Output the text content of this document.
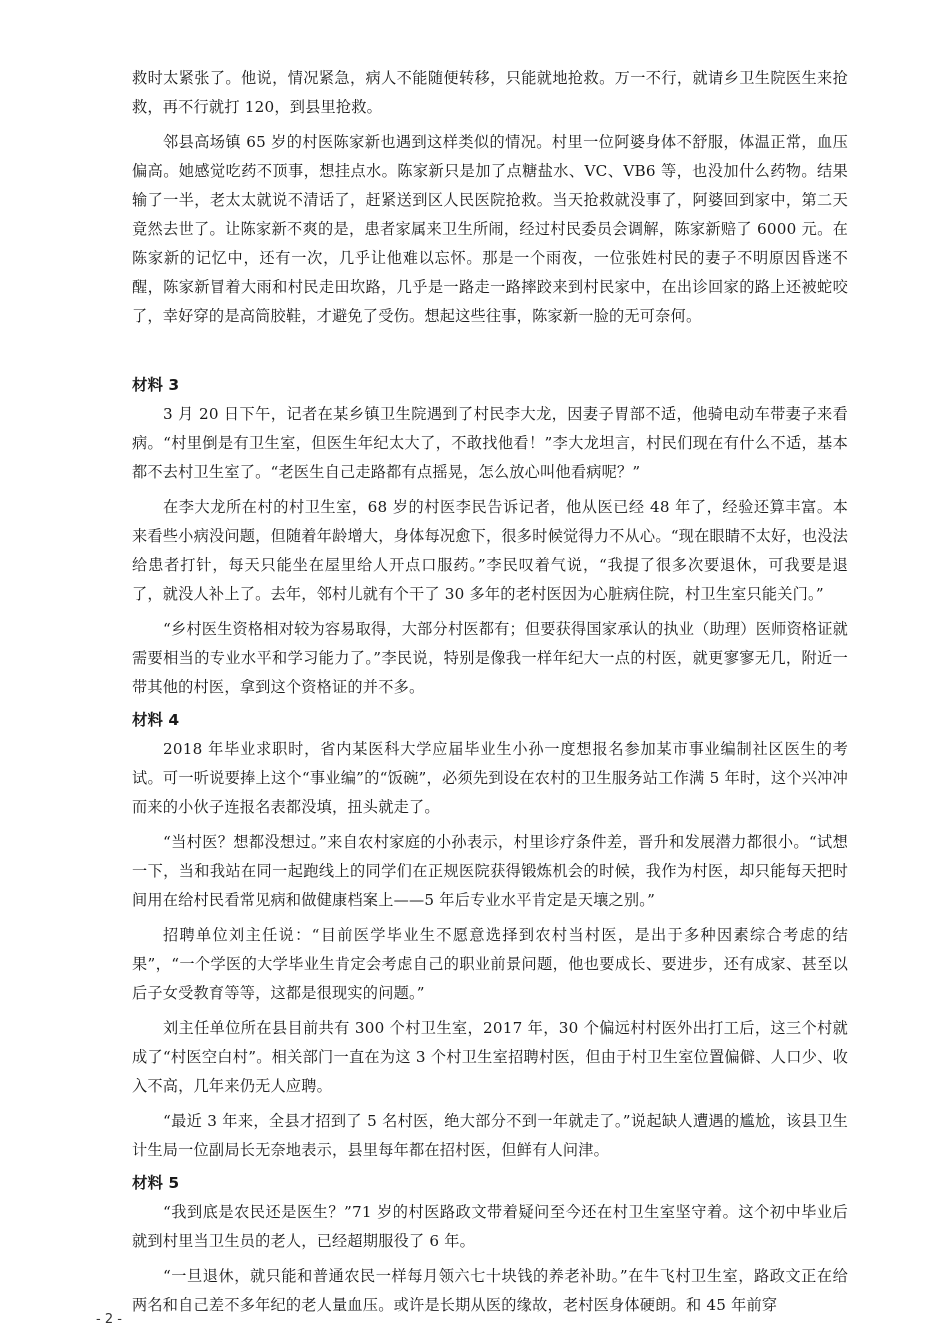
救时太紧张了。他说，情况紧急，病人不能随便转移，只能就地抢救。万一不行，就请乡卫生院医生来抢救，再不行就打 120，到县里抢救。

邻县高场镇 65 岁的村医陈家新也遇到这样类似的情况。村里一位阿婆身体不舒服，体温正常，血压偏高。她感觉吃药不顶事，想挂点水。陈家新只是加了点糖盐水、VC、VB6 等，也没加什么药物。结果输了一半，老太太就说不清话了，赶紧送到区人民医院抢救。当天抢救就没事了，阿婆回到家中，第二天竟然去世了。让陈家新不爽的是，患者家属来卫生所闹，经过村民委员会调解，陈家新赔了 6000 元。在陈家新的记忆中，还有一次，几乎让他难以忘怀。那是一个雨夜，一位张姓村民的妻子不明原因昏迷不醒，陈家新冒着大雨和村民走田坎路，几乎是一路走一路摔跤来到村民家中，在出诊回家的路上还被蛇咬了，幸好穿的是高筒胶鞋，才避免了受伤。想起这些往事，陈家新一脸的无可奈何。

材料 3

3 月 20 日下午，记者在某乡镇卫生院遇到了村民李大龙，因妻子胃部不适，他骑电动车带妻子来看病。“村里倒是有卫生室，但医生年纪太大了，不敢找他看！”李大龙坦言，村民们现在有什么不适，基本都不去村卫生室了。“老医生自己走路都有点摇晃，怎么放心叫他看病呢？”

在李大龙所在村的村卫生室，68 岁的村医李民告诉记者，他从医已经 48 年了，经验还算丰富。本来看些小病没问题，但随着年龄增大，身体每况愈下，很多时候觉得力不从心。“现在眼睛不太好，也没法给患者打针，每天只能坐在屋里给人开点口服药。”李民叹着气说，“我提了很多次要退休，可我要是退了，就没人补上了。去年，邻村儿就有个干了 30 多年的老村医因为心脏病住院，村卫生室只能关门。”

“乡村医生资格相对较为容易取得，大部分村医都有；但要获得国家承认的执业（助理）医师资格证就需要相当的专业水平和学习能力了。”李民说，特别是像我一样年纪大一点的村医，就更寥寥无几，附近一带其他的村医，拿到这个资格证的并不多。

材料 4

2018 年毕业求职时，省内某医科大学应届毕业生小孙一度想报名参加某市事业编制社区医生的考试。可一听说要捧上这个“事业编”的“饭碗”，必须先到设在农村的卫生服务站工作满 5 年时，这个兴冲冲而来的小伙子连报名表都没填，扭头就走了。

“当村医？想都没想过。”来自农村家庭的小孙表示，村里诊疗条件差，晋升和发展潜力都很小。“试想一下，当和我站在同一起跑线上的同学们在正规医院获得锻炼机会的时候，我作为村医，却只能每天把时间用在给村民看常见病和做健康档案上——5 年后专业水平肯定是天壤之别。”

招聘单位刘主任说：“目前医学毕业生不愿意选择到农村当村医，是出于多种因素综合考虑的结果”，“一个学医的大学毕业生肯定会考虑自己的职业前景问题，他也要成长、要进步，还有成家、甚至以后子女受教育等等，这都是很现实的问题。”

刘主任单位所在县目前共有 300 个村卫生室，2017 年，30 个偏远村村医外出打工后，这三个村就成了“村医空白村”。相关部门一直在为这 3 个村卫生室招聘村医，但由于村卫生室位置偏僻、人口少、收入不高，几年来仍无人应聘。

“最近 3 年来，全县才招到了 5 名村医，绝大部分不到一年就走了。”说起缺人遭遇的尴尬，该县卫生计生局一位副局长无奈地表示，县里每年都在招村医，但鲜有人问津。

材料 5

“我到底是农民还是医生？”71 岁的村医路政文带着疑问至今还在村卫生室坚守着。这个初中毕业后就到村里当卫生员的老人，已经超期服役了 6 年。

“一旦退休，就只能和普通农民一样每月领六七十块钱的养老补助。”在牛飞村卫生室，路政文正在给两名和自己差不多年纪的老人量血压。或许是长期从医的缘故，老村医身体硬朗。和 45 年前穿

- 2 -
